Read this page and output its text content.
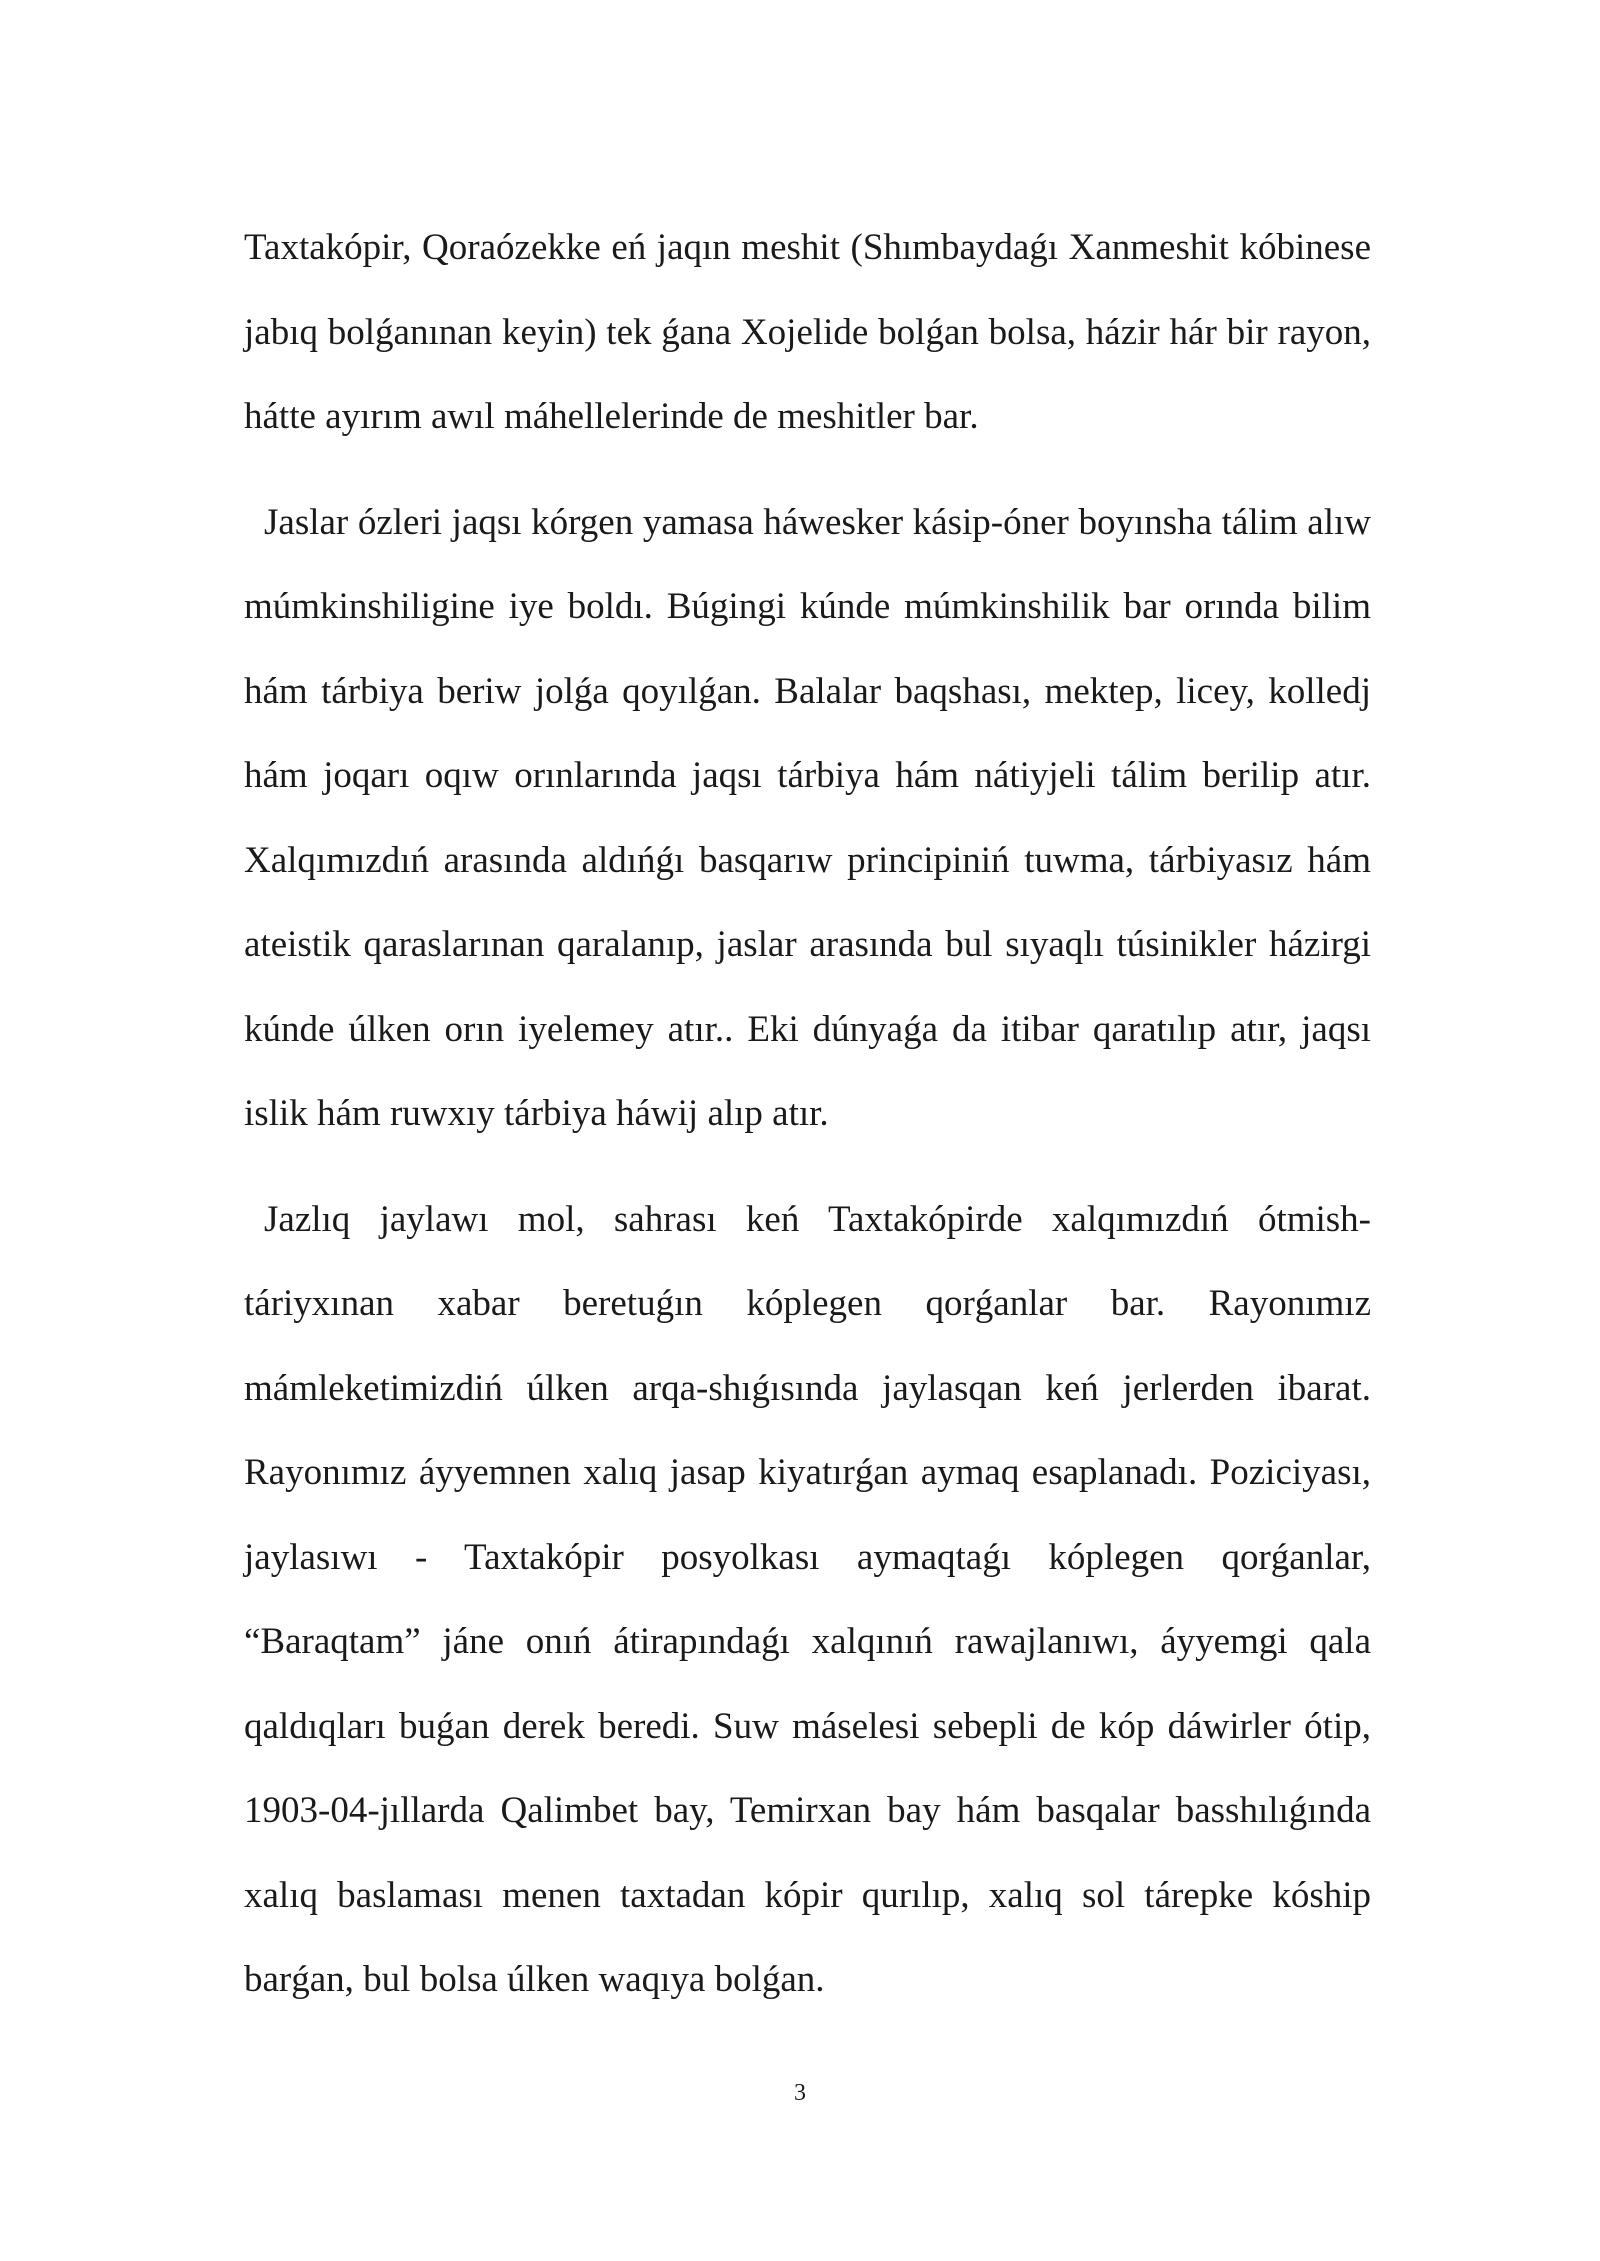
Taxtakópir, Qoraózekke eń jaqın meshit (Shımbaydaǵı Xanmeshit kóbinese jabıq bolǵanınan keyin) tek ǵana Xojelide bolǵan bolsa, házir hár bir rayon, hátte ayırım awıl máhellelerinde de meshitler bar.

Jaslar ózleri jaqsı kórgen yamasa háwesker kásip-óner boyınsha tálim alıw múmkinshiligine iye boldı. Búgingi kúnde múmkinshilik bar orında bilim hám tárbiya beriw jolǵa qoyılǵan. Balalar baqshası, mektep, licey, kolledj hám joqarı oqıw orınlarında jaqsı tárbiya hám nátiyjeli tálim berilip atır. Xalqımızdıń arasında aldıńǵı basqarıw principiniń tuwma, tárbiyasız hám ateistik qaraslarınan qaralanıp, jaslar arasında bul sıyaqlı túsinikler házirgi kúnde úlken orın iyelemey atır.. Eki dúnyaǵa da itibar qaratılıp atır, jaqsı islik hám ruwxıy tárbiya háwij alıp atır.

Jazlıq jaylawı mol, sahrası keń Taxtakópirde xalqımızdıń ótmish-táriyxınan xabar beretuǵın kóplegen qorǵanlar bar. Rayonımız mámleketimizdiń úlken arqa-shıǵısında jaylasqan keń jerlerden ibarat. Rayonımız áyyemnen xalıq jasap kiyatırǵan aymaq esaplanadı. Poziciyası, jaylasıwı - Taxtakópir posyolkası aymaqtaǵı kóplegen qorǵanlar, “Baraqtam” jáne onıń átirapındaǵı xalqınıń rawajlanıwı, áyyemgi qala qaldıqları buǵan derek beredi. Suw máselesi sebepli de kóp dáwirler ótip, 1903-04-jıllarda Qalimbet bay, Temirxan bay hám basqalar basshılıǵında xalıq baslaması menen taxtadan kópir qurılıp, xalıq sol tárepke kóship barǵan, bul bolsa úlken waqıya bolǵan.

3
